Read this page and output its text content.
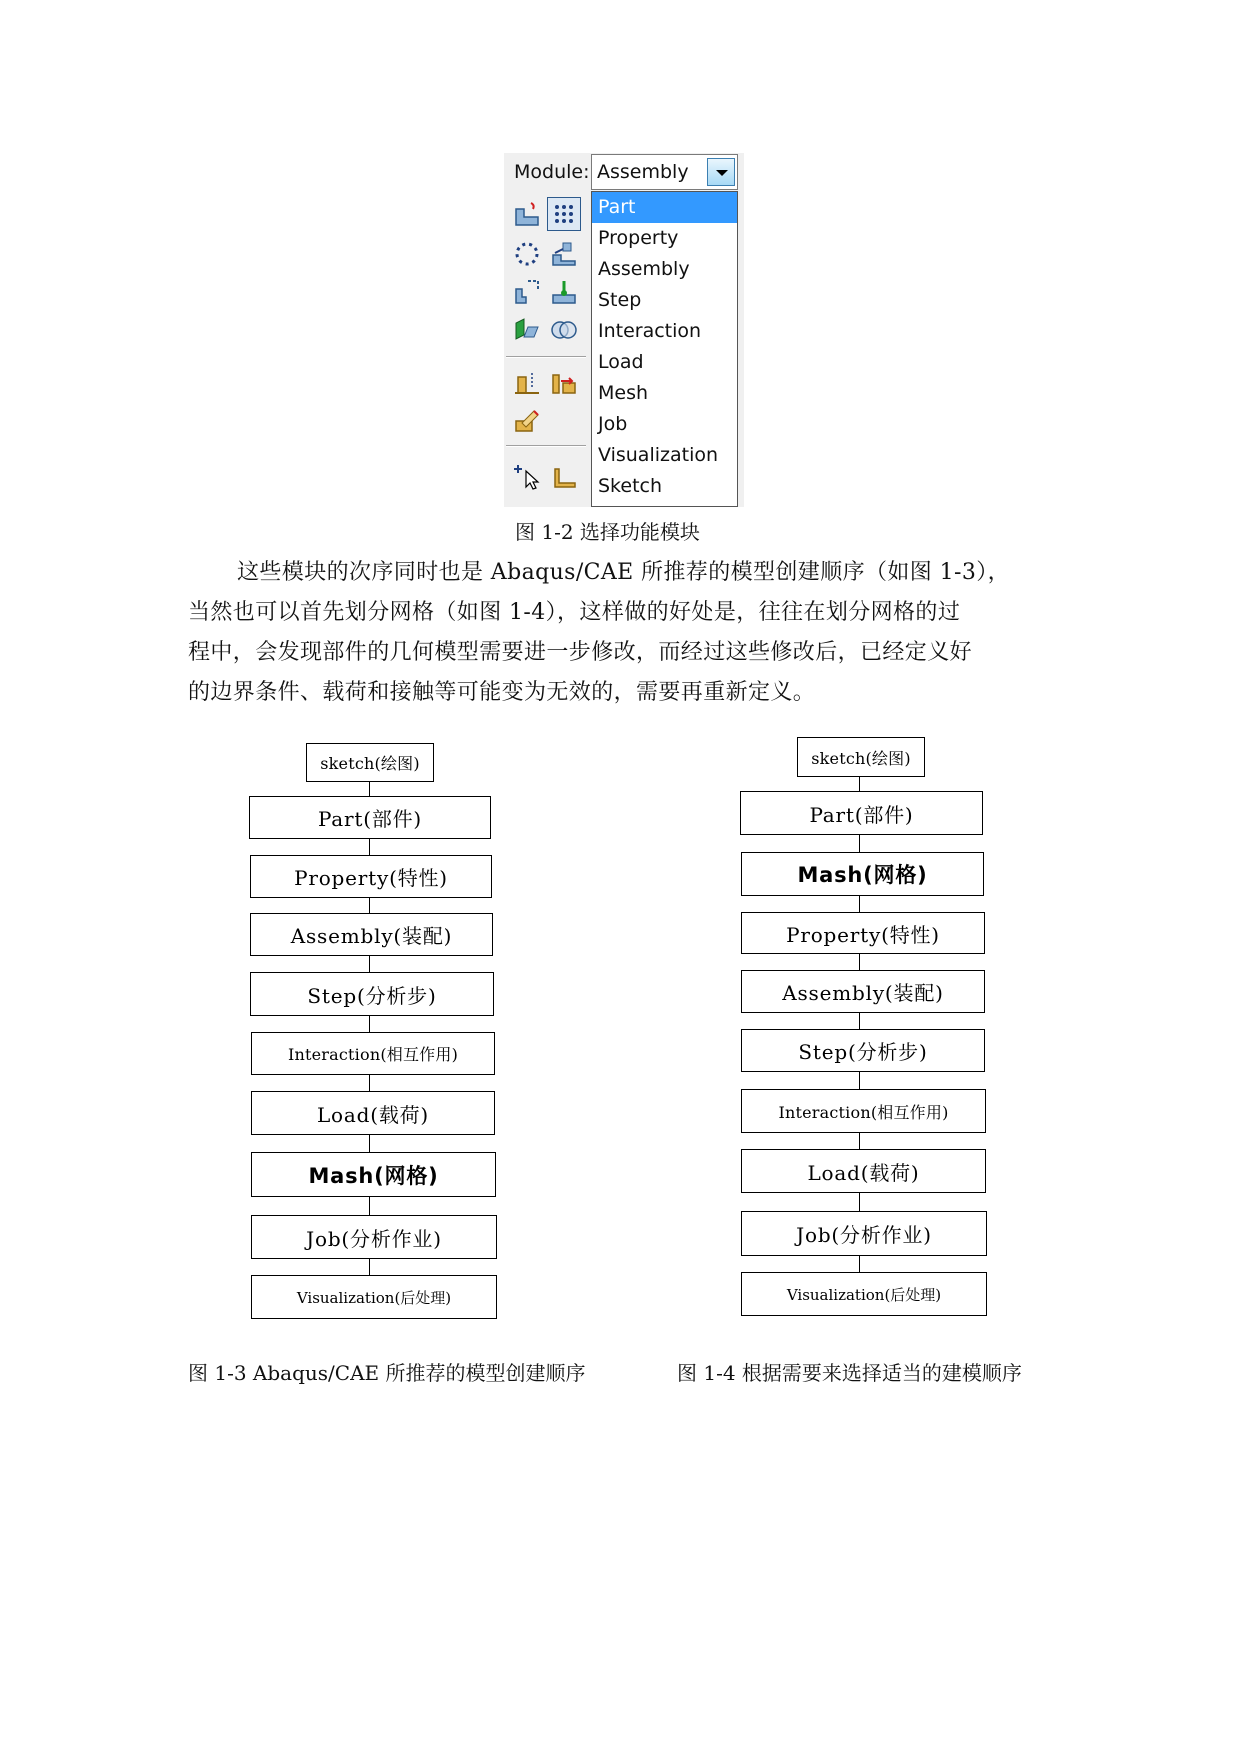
Module: Assembly
Part
Property
Assembly
Step
Interaction
Load
Mesh
Job
Visualization
Sketch
图 1-2 选择功能模块
这些模块的次序同时也是 Abaqus/CAE 所推荐的模型创建顺序（如图 1-3），
当然也可以首先划分网格（如图 1-4），这样做的好处是，往往在划分网格的过
程中，会发现部件的几何模型需要进一步修改，而经过这些修改后，已经定义好
的边界条件、载荷和接触等可能变为无效的，需要再重新定义。
sketch(绘图)
Part(部件)
Property(特性)
Assembly(装配)
Step(分析步)
Interaction(相互作用)
Load(载荷)
Mash(网格)
Job(分析作业)
Visualization(后处理)
图 1-3 Abaqus/CAE 所推荐的模型创建顺序
sketch(绘图)
Part(部件)
Mash(网格)
Property(特性)
Assembly(装配)
Step(分析步)
Interaction(相互作用)
Load(载荷)
Job(分析作业)
Visualization(后处理)
图 1-4 根据需要来选择适当的建模顺序
